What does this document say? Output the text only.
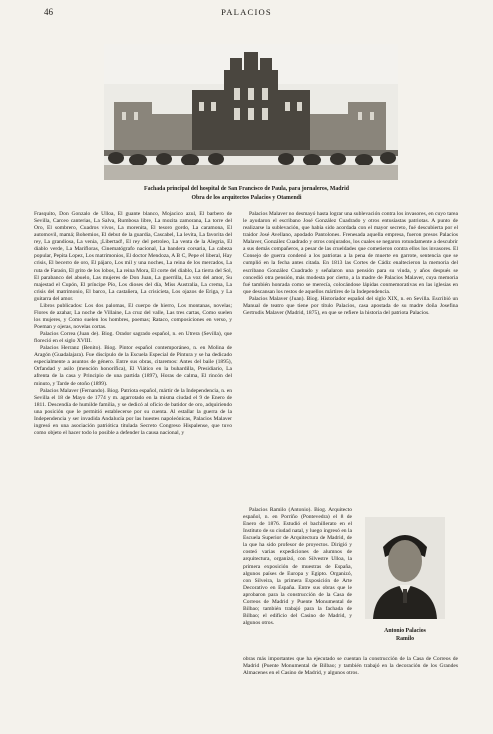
46	PALACIOS
Fachada principal del hospital de San Francisco de Paula, para jornaleros, Madrid
Obra de los arquitectos Palacios y Otamendi

Frasquito, Don Gonzalo de Ulloa, El guante blanco, Mojacico azul, El barbero de Sevilla, Carceo canterias, La Salva, Rumbosa libre, La mozita zamorana, La torre del Oro, El sombrero, Cuadros vivos, La morenita, El tesoro gordo, La caramona, El automovil, mamá; Bohemios, El debut de la guardia, Cascabel, La levita, La favorita del rey, La grandiosa, La venia, ¡Libertad!, El rey del petroleo, La venta de la Alegria, El diablo verde, La Marifloras, Cinematógrafo nacional, La bandera corsaria, La cabeza popular, Pepita Lopez, Los matrimonios, El doctor Mendoza, A B C, Pepe el liberal, Hay crisis, El becerro de oro, El pájaro, Los mil y una noches, La reina de los mercados, La ruta de Faraón, El grito de los lobos, La reina Mora, El corte del diablo, La tierra del Sol, El parabanco del abuelo, Las mujeres de Don Juan, La guerrilla, La voz del amor, Su majestad el Cupón, El príncipe Pío, Los dioses del día, Miss Australia, La crema, La crisis del matrimonio, El barco, La castañera, La crisicieta, Los ojazos de Eriga, y La guitarra del amor.

Libros publicados: Los dos palomas, El cuerpo de hierro, Los montanas, novelas; Flores de azahar, La noche de Villaine, La cruz del valle, Las tres cartas, Como suelen los mujeres, y Como suelen los hombres, poemas; Rataco, composiciones en verso, y Poeman y ojeras, novelas cortas.

Palacios Correa (Juan de). Biog. Orador sagrado español, n. en Utrera (Sevilla), que floreció en el siglo XVIII.

Palacios Herranz (Benito). Biog. Pintor español contemporáneo, n. en Molina de Aragón (Guadalajara). Fue discípulo de la Escuela Especial de Pintura y se ha dedicado especialmente a asuntos de género. Entre sus obras, citaremos: Antes del baile (1895), Orfandad y asilo (mención honorífica), El Viático en la buhardilla, Presidiario, La afrenta de la casa y Principio de una partida (1897), Horas de calma, El rincón del minuto, y Tarde de otoño (1899).

Palacios Malaver (Fernando). Biog. Patriota español, mártir de la Independencia, n. en Sevilla el 18 de Mayo de 1774 y m. agarrotado en la misma ciudad el 9 de Enero de 1811. Descendía de humilde familia, y se dedicó al oficio de batidor de oro, adquiriendo una posición que le permitió establecerse por su cuenta. Al estallar la guerra de la Independencia y ser invadida Andalucía por las huestes napoleónicas, Palacios Malaver ingresó en una asociación patriótica titulada Secreto Congreso Hispalense, que tuvo como objeto el hacer todo lo posible a defender la causa nacional, y

Palacios Malaver no desmayó hasta lograr una sublevación contra los invasores, en cuyo tarea le ayudaron el escribano José González Cuadrado y otros entusiastas patriotas. A punto de realizarse la sublevación, que había sido acordada con el mayor secreto, fué descubierta por el traidor José Avellano, apodado Pantolones. Frenesada aquella empresa, fueron presos Palacios Malaver, González Cuadrado y otros conjurados, los cuales se negaron rotundamente a descubrir a sus demás compañeros, a pesar de las crueldades que cometieron contra ellos los invasores. El Consejo de guerra condenó a los patriotas a la pena de muerte en garrote, sentencia que se cumplió en la fecha antes citada. En 1813 las Cortes de Cádiz enaltecieron la memoria del escribano González Cuadrado y señalaron una pensión para su viuda, y años después se concedió otra pensión, más modesta por cierto, a la madre de Palacios Malaver, cuya memoria fué también honrada como se merecía, colocándose lápidas conmemorativas en las iglesias en que descansan los restos de aquellos mártires de la Independencia.

Palacios Malaver (Juan). Biog. Historiador español del siglo XIX, n. en Sevilla. Escribió un Manual de teatro que tiene por título Palacios, casa apostada de su madre doña Josefina Gertrudis Malaver (Madrid, 1875), en que se refiere la historia del patriota Palacios.

Palacios Ramilo (Antonio). Biog. Arquitecto español, n. en Porriño (Pontevedra) el 8 de Enero de 1876. Estudió el bachillerato en el Instituto de su ciudad natal, y luego ingresó en la Escuela Superior de Arquitectura de Madrid, de la que ha sido profesor de proyectos. Dirigió y costeó varias expediciones de alumnos de arquitectura, organizó, con Silvestre Ulloa, la primera exposición de muestras de España, algunos países de Europa y Egipto. Organizó, con Silveira, la primera Exposición de Arte Decorativo en España. Entre sus obras que le aprobaron para la construcción de la Casa de Correos de Madrid y Puente Monumental de Bilbao; también trabajó para la fachada de Bilbao; el edificio del Casino de Madrid, y algunos otros.

Antonio Palacios
Ramilo

obras más importantes que ha ejecutado se cuentan la construcción de la Casa de Correos de Madrid (Puente Monumental de Bilbao; y también trabajó en la decoración de los Grandes Almacenes en el Casino de Madrid, y algunos otros.
